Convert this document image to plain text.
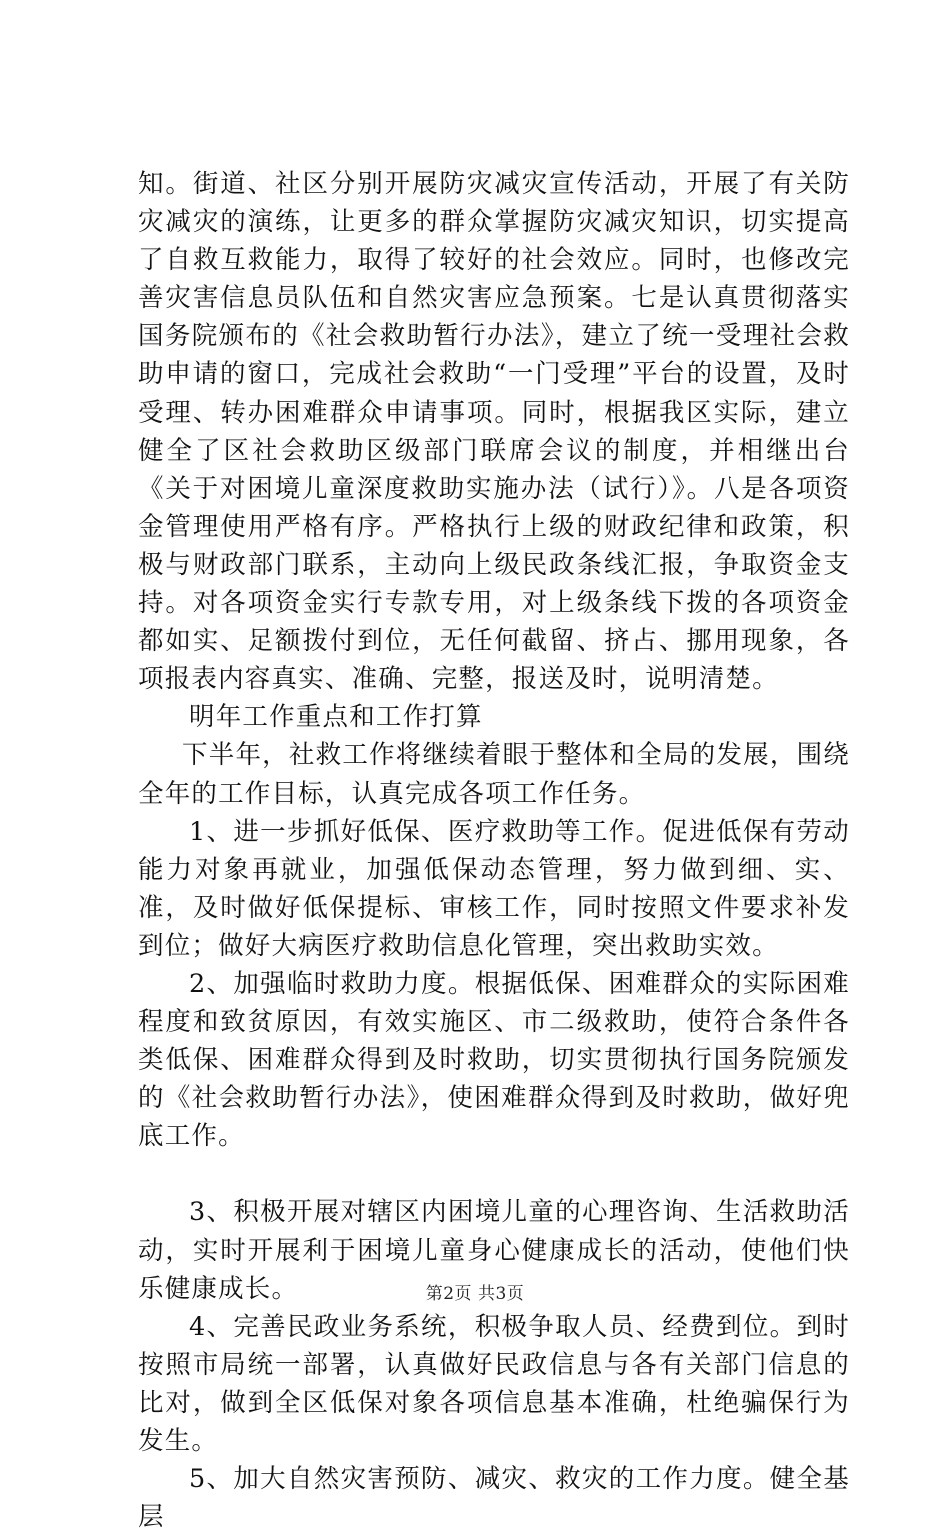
知。街道、社区分别开展防灾减灾宣传活动，开展了有关防灾减灾的演练，让更多的群众掌握防灾减灾知识，切实提高了自救互救能力，取得了较好的社会效应。同时，也修改完善灾害信息员队伍和自然灾害应急预案。七是认真贯彻落实国务院颁布的《社会救助暂行办法》，建立了统一受理社会救助申请的窗口，完成社会救助“一门受理”平台的设置，及时受理、转办困难群众申请事项。同时，根据我区实际，建立健全了区社会救助区级部门联席会议的制度，并相继出台《关于对困境儿童深度救助实施办法（试行）》。八是各项资金管理使用严格有序。严格执行上级的财政纪律和政策，积极与财政部门联系，主动向上级民政条线汇报，争取资金支持。对各项资金实行专款专用，对上级条线下拨的各项资金都如实、足额拨付到位，无任何截留、挤占、挪用现象，各项报表内容真实、准确、完整，报送及时，说明清楚。

明年工作重点和工作打算

下半年，社救工作将继续着眼于整体和全局的发展，围绕全年的工作目标，认真完成各项工作任务。

1、进一步抓好低保、医疗救助等工作。促进低保有劳动能力对象再就业，加强低保动态管理，努力做到细、实、准，及时做好低保提标、审核工作，同时按照文件要求补发到位；做好大病医疗救助信息化管理，突出救助实效。

2、加强临时救助力度。根据低保、困难群众的实际困难程度和致贫原因，有效实施区、市二级救助，使符合条件各类低保、困难群众得到及时救助，切实贯彻执行国务院颁发的《社会救助暂行办法》，使困难群众得到及时救助，做好兜底工作。

3、积极开展对辖区内困境儿童的心理咨询、生活救助活动，实时开展利于困境儿童身心健康成长的活动，使他们快乐健康成长。

4、完善民政业务系统，积极争取人员、经费到位。到时按照市局统一部署，认真做好民政信息与各有关部门信息的比对，做到全区低保对象各项信息基本准确，杜绝骗保行为发生。

5、加大自然灾害预防、减灾、救灾的工作力度。健全基层

第2页 共3页
